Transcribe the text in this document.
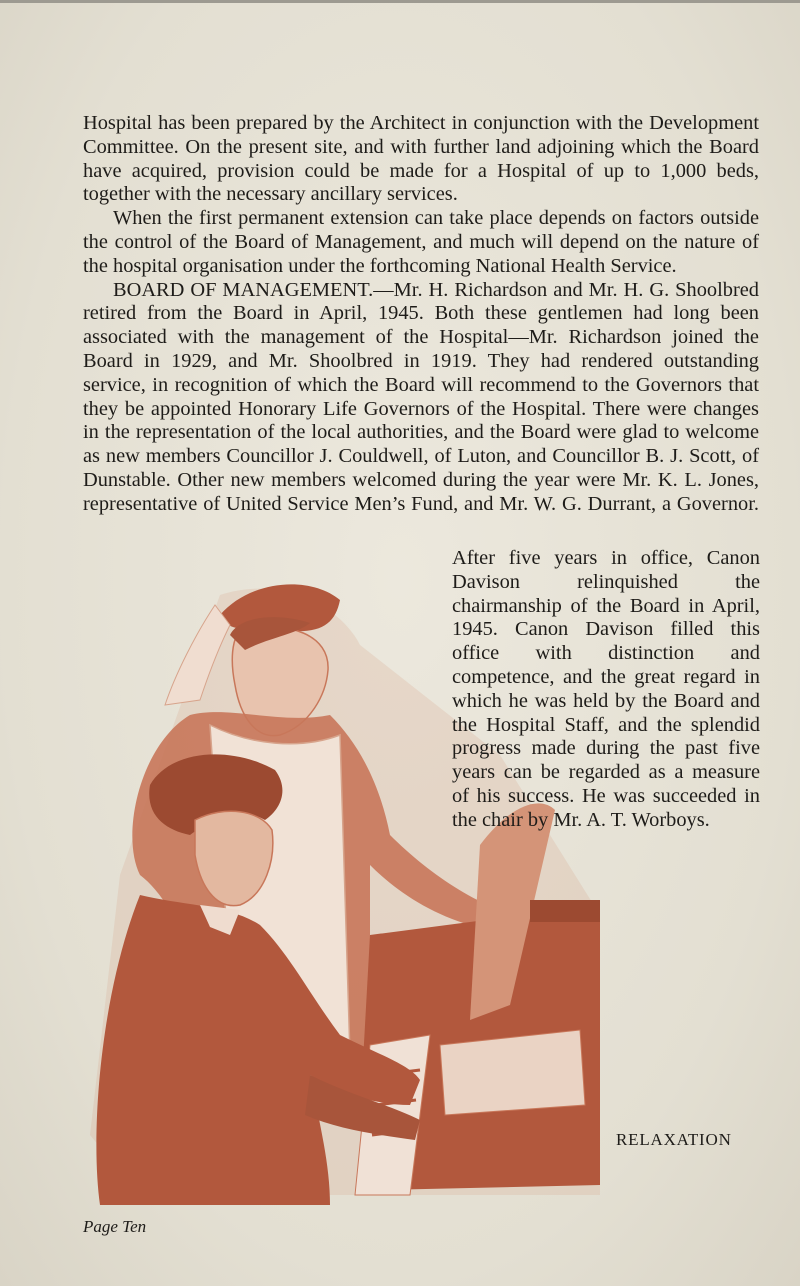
Hospital has been prepared by the Architect in conjunction with the Development Committee. On the present site, and with further land adjoining which the Board have acquired, provision could be made for a Hospital of up to 1,000 beds, together with the necessary ancillary services.

When the first permanent extension can take place depends on factors outside the control of the Board of Management, and much will depend on the nature of the hospital organisation under the forthcoming National Health Service.

BOARD OF MANAGEMENT.—Mr. H. Richardson and Mr. H. G. Shoolbred retired from the Board in April, 1945. Both these gentlemen had long been associated with the management of the Hospital—Mr. Richardson joined the Board in 1929, and Mr. Shoolbred in 1919. They had rendered outstanding service, in recognition of which the Board will recommend to the Governors that they be appointed Honorary Life Governors of the Hospital. There were changes in the representation of the local authorities, and the Board were glad to welcome as new members Councillor J. Couldwell, of Luton, and Councillor B. J. Scott, of Dunstable. Other new members welcomed during the year were Mr. K. L. Jones, representative of United Service Men’s Fund, and Mr. W. G. Durrant, a Governor.

After five years in office, Canon Davison relinquished the chairmanship of the Board in April, 1945. Canon Davison filled this office with distinction and competence, and the great regard in which he was held by the Board and the Hospital Staff, and the splendid progress made during the past five years can be regarded as a measure of his success. He was succeeded in the chair by Mr. A. T. Worboys.

RELAXATION
Page Ten
